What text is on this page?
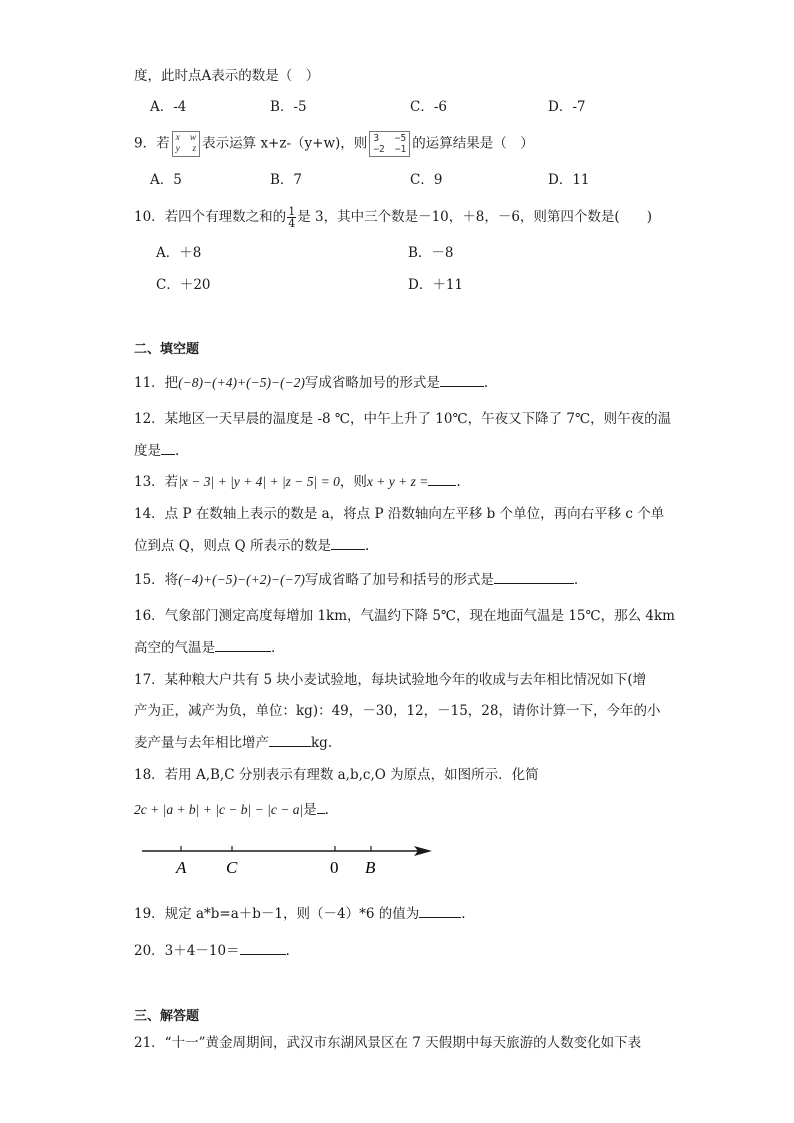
度，此时点A表示的数是（　）
A．-4	B．-5	C．-6	D．-7
9．若 x w
y z 表示运算 x+z-（y+w)，则 3 −5
−2 −1 的运算结果是（　）
A．5	B．7	C．9	D．11
10．若四个有理数之和的 $\frac{1}{4}$ 是 3，其中三个数是－10，＋8，－6，则第四个数是(　　)
A．＋8	B．－8
C．＋20	D．＋11
二、填空题
11．把(−8)−(+4)+(−5)−(−2)写成省略加号的形式是	.
12．某地区一天早晨的温度是 -8 ℃，中午上升了 10℃，午夜又下降了 7℃，则午夜的温
度是 .
13．若|x − 3| + |y + 4| + |z − 5| = 0，则x + y + z = .
14．点 P 在数轴上表示的数是 a，将点 P 沿数轴向左平移 b 个单位，再向右平移 c 个单
位到点 Q，则点 Q 所表示的数是	.
15．将(−4)+(−5)−(+2)−(−7)写成省略了加号和括号的形式是	.
16．气象部门测定高度每增加 1km，气温约下降 5℃，现在地面气温是 15℃，那么 4km
高空的气温是	.
17．某种粮大户共有 5 块小麦试验地，每块试验地今年的收成与去年相比情况如下(增
产为正，减产为负，单位：kg)：49，－30，12，－15，28，请你计算一下，今年的小
麦产量与去年相比增产	kg.
18．若用 A,B,C 分别表示有理数 a,b,c,O 为原点，如图所示．化简
2c + |a + b| + |c − b| − |c − a|是 .
A C	0 B
19．规定 a*b=a＋b－1，则（－4）*6 的值为	.
20．3＋4－10＝	.
三、解答题
21．“十一”黄金周期间，武汉市东湖风景区在 7 天假期中每天旅游的人数变化如下表
